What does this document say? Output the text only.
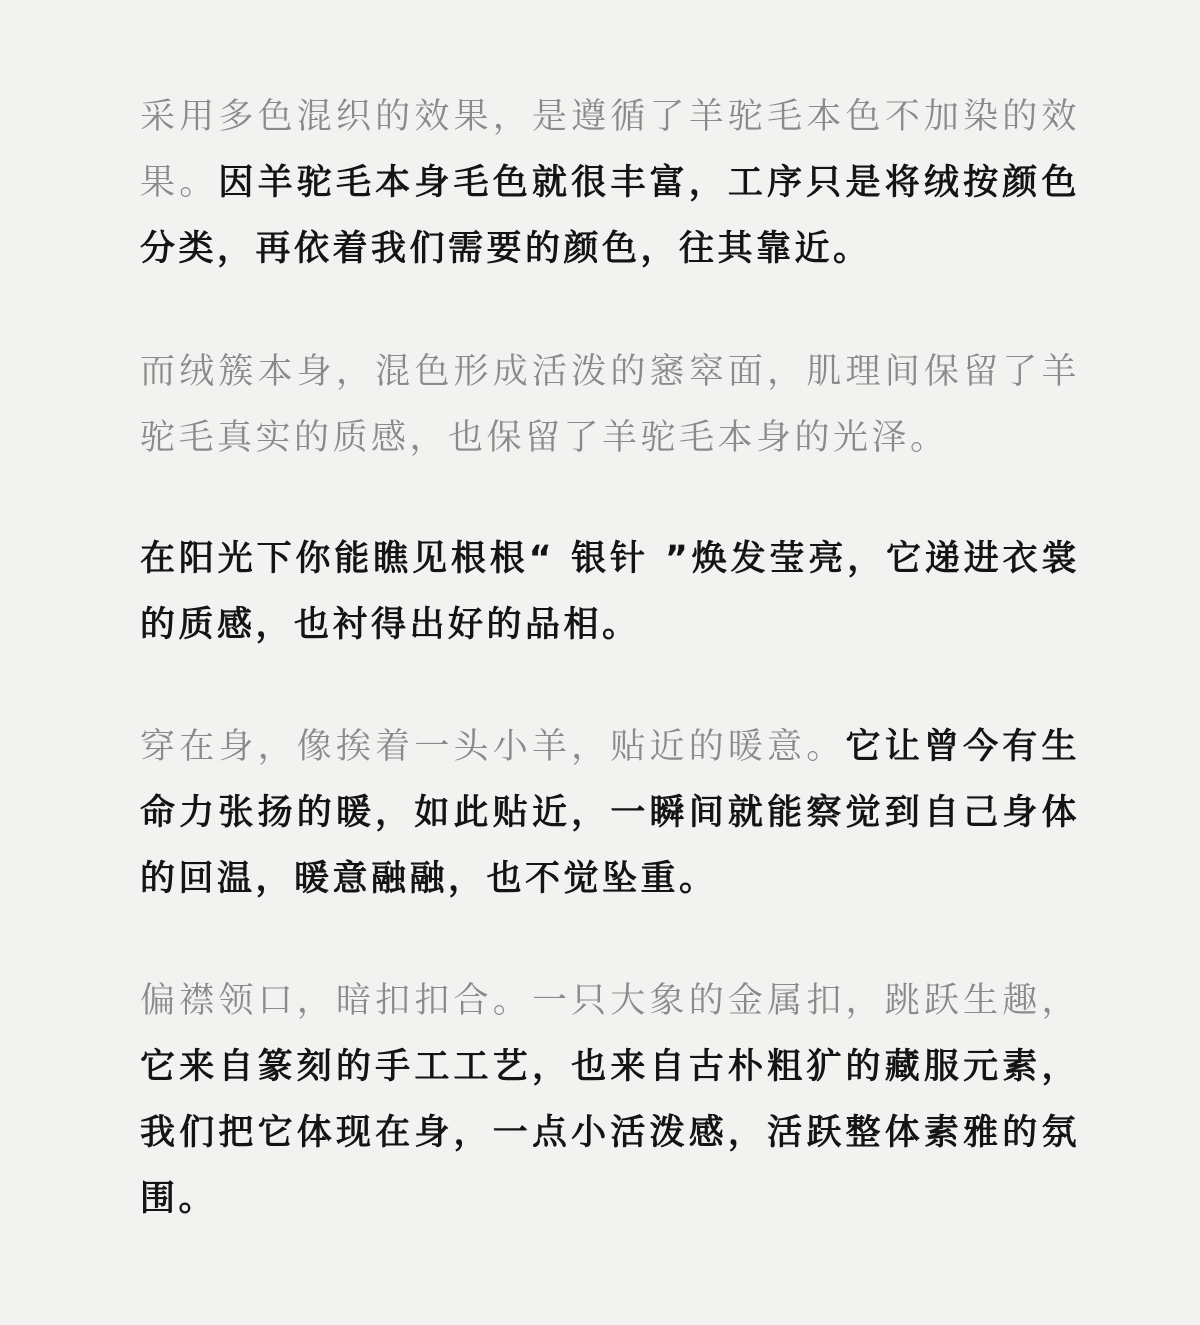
采用多色混织的效果，是遵循了羊驼毛本色不加染的效果。因羊驼毛本身毛色就很丰富，工序只是将绒按颜色分类，再依着我们需要的颜色，往其靠近。

而绒簇本身，混色形成活泼的窸窣面，肌理间保留了羊驼毛真实的质感，也保留了羊驼毛本身的光泽。

在阳光下你能瞧见根根“ 银针 ”焕发莹亮，它递进衣裳的质感，也衬得出好的品相。

穿在身，像挨着一头小羊，贴近的暖意。它让曾今有生命力张扬的暖，如此贴近，一瞬间就能察觉到自己身体的回温，暖意融融，也不觉坠重。

偏襟领口，暗扣扣合。一只大象的金属扣，跳跃生趣，它来自篆刻的手工工艺，也来自古朴粗犷的藏服元素，我们把它体现在身，一点小活泼感，活跃整体素雅的氛围。
